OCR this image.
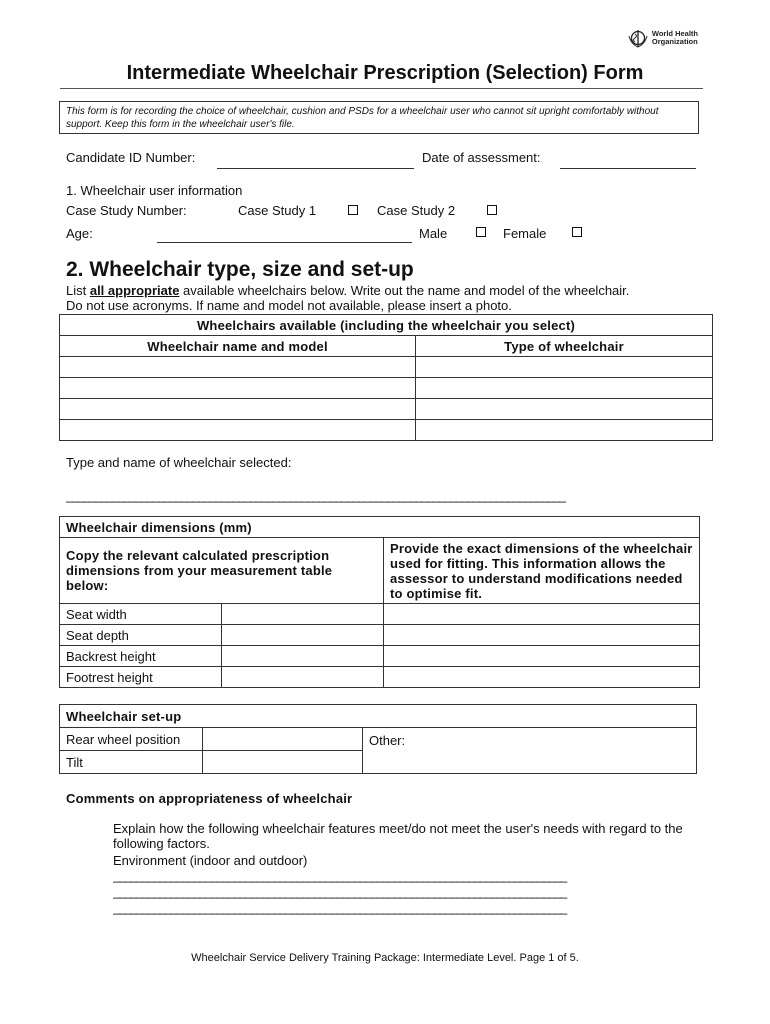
World Health
Organization
Intermediate Wheelchair Prescription (Selection) Form
This form is for recording the choice of wheelchair, cushion and PSDs for a wheelchair user who cannot sit upright comfortably without support. Keep this form in the wheelchair user's file.
Candidate ID Number:	Date of assessment:
1. Wheelchair user information
Case Study Number:	Case Study 1	Case Study 2
Age:	Male	Female
2. Wheelchair type, size and set-up
List all appropriate available wheelchairs below. Write out the name and model of the wheelchair.
Do not use acronyms. If name and model not available, please insert a photo.
Wheelchairs available (including the wheelchair you select)	
Wheelchair name and model	Type of wheelchair

Type and name of wheelchair selected:
_______________________________________________________________________________________
Wheelchair dimensions (mm)		
Copy the relevant calculated prescription dimensions from your measurement table below:		Provide the exact dimensions of the wheelchair used for fitting. This information allows the assessor to understand modifications needed to optimise fit.
Seat width		
Seat depth		
Backrest height		
Footrest height		
Wheelchair set-up		
Rear wheel position		Other:
Tilt		
Comments on appropriateness of wheelchair
Explain how the following wheelchair features meet/do not meet the user's needs with regard to the following factors.
Environment (indoor and outdoor)
_______________________________________________________________________________
_______________________________________________________________________________
_______________________________________________________________________________
Wheelchair Service Delivery Training Package: Intermediate Level. Page 1 of 5.
